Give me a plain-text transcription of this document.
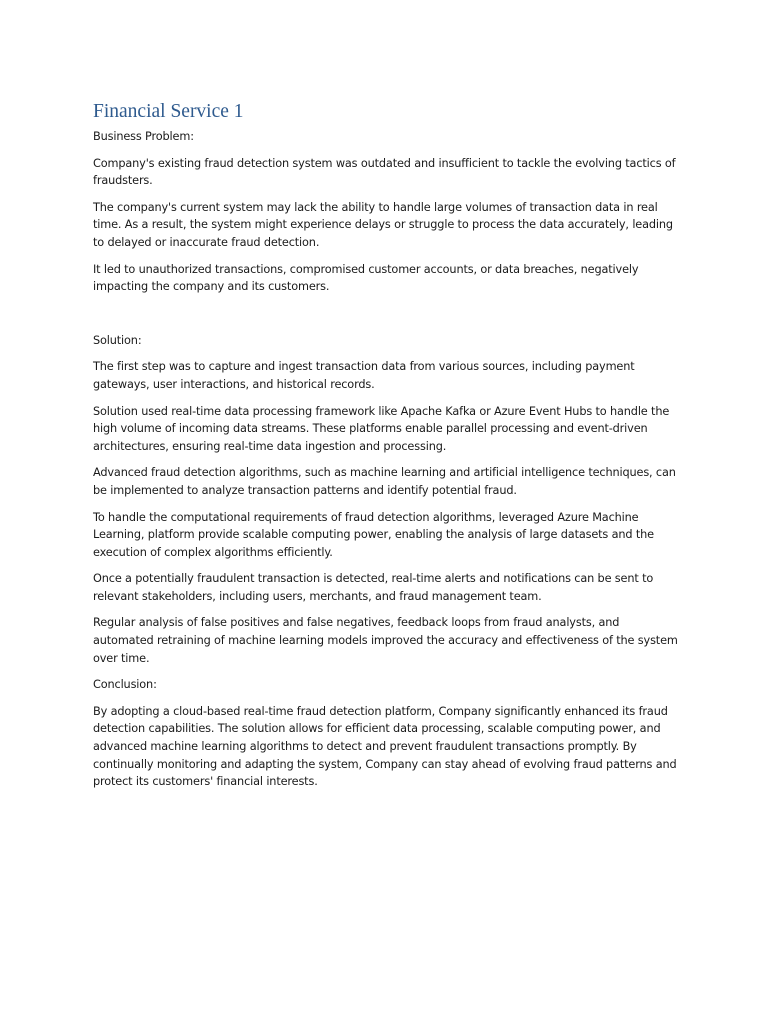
Financial Service 1
Business Problem:

Company's existing fraud detection system was outdated and insufficient to tackle the evolving tactics of fraudsters.

The company's current system may lack the ability to handle large volumes of transaction data in real time. As a result, the system might experience delays or struggle to process the data accurately, leading to delayed or inaccurate fraud detection.

It led to unauthorized transactions, compromised customer accounts, or data breaches, negatively impacting the company and its customers.

Solution:

The first step was to capture and ingest transaction data from various sources, including payment gateways, user interactions, and historical records.

Solution used real-time data processing framework like Apache Kafka or Azure Event Hubs to handle the high volume of incoming data streams. These platforms enable parallel processing and event-driven architectures, ensuring real-time data ingestion and processing.

Advanced fraud detection algorithms, such as machine learning and artificial intelligence techniques, can be implemented to analyze transaction patterns and identify potential fraud.

To handle the computational requirements of fraud detection algorithms, leveraged Azure Machine Learning, platform provide scalable computing power, enabling the analysis of large datasets and the execution of complex algorithms efficiently.

Once a potentially fraudulent transaction is detected, real-time alerts and notifications can be sent to relevant stakeholders, including users, merchants, and fraud management team.

Regular analysis of false positives and false negatives, feedback loops from fraud analysts, and automated retraining of machine learning models improved the accuracy and effectiveness of the system over time.

Conclusion:

By adopting a cloud-based real-time fraud detection platform, Company significantly enhanced its fraud detection capabilities. The solution allows for efficient data processing, scalable computing power, and advanced machine learning algorithms to detect and prevent fraudulent transactions promptly. By continually monitoring and adapting the system, Company can stay ahead of evolving fraud patterns and protect its customers' financial interests.
